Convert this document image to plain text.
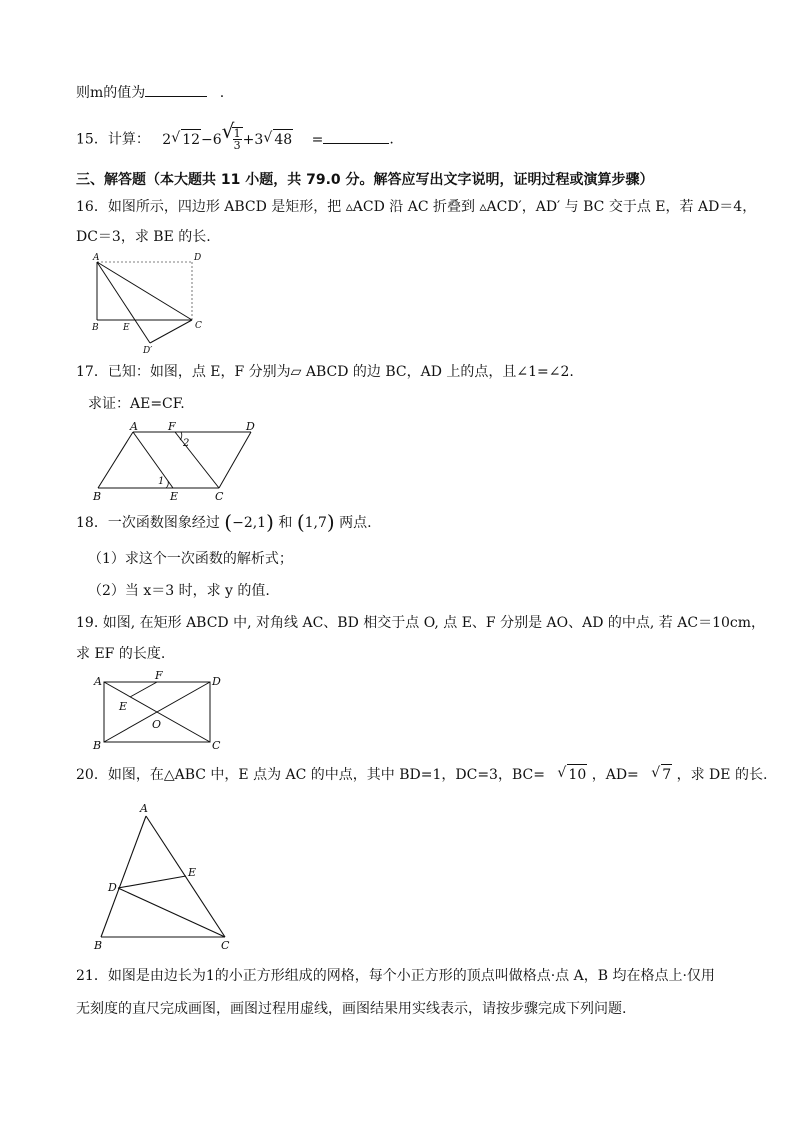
则m的值为	.
15．计算： 2 √ 12−6 √
$\frac{1}{3} +3$ √ 48 =	.
三、解答题（本大题共 11 小题，共 79.0 分。解答应写出文字说明，证明过程或演算步骤）
16．如图所示，四边形 ABCD 是矩形，把 ▵ACD 沿 AC 折叠到 ▵ACD′，AD′ 与 BC 交于点 E，若 AD＝4，
DC＝3，求 BE 的长.
A	D
B	E	C
D′
17．已知：如图，点 E，F 分别为▱ ABCD 的边 BC，AD 上的点，且∠1=∠2.
求证：AE=CF.
A	F	D
2
1
B	E	C
18．一次函数图象经过 (−2,1) 和 (1,7) 两点.
（1）求这个一次函数的解析式；
（2）当 x＝3 时，求 y 的值.
19. 如图, 在矩形 ABCD 中, 对角线 AC、BD 相交于点 O, 点 E、F 分别是 AO、AD 的中点, 若 AC＝10cm，
求 EF 的长度.
A	F	D
E
O
B	C
20．如图，在△ABC 中，E 点为 AC 的中点，其中 BD=1，DC=3，BC= √ 10 ，AD= √ 7 ，求 DE 的长.
A
E
D
B	C
21．如图是由边长为1的小正方形组成的网格，每个小正方形的顶点叫做格点·点 A，B 均在格点上·仅用
无刻度的直尺完成画图，画图过程用虚线，画图结果用实线表示，请按步骤完成下列问题.
